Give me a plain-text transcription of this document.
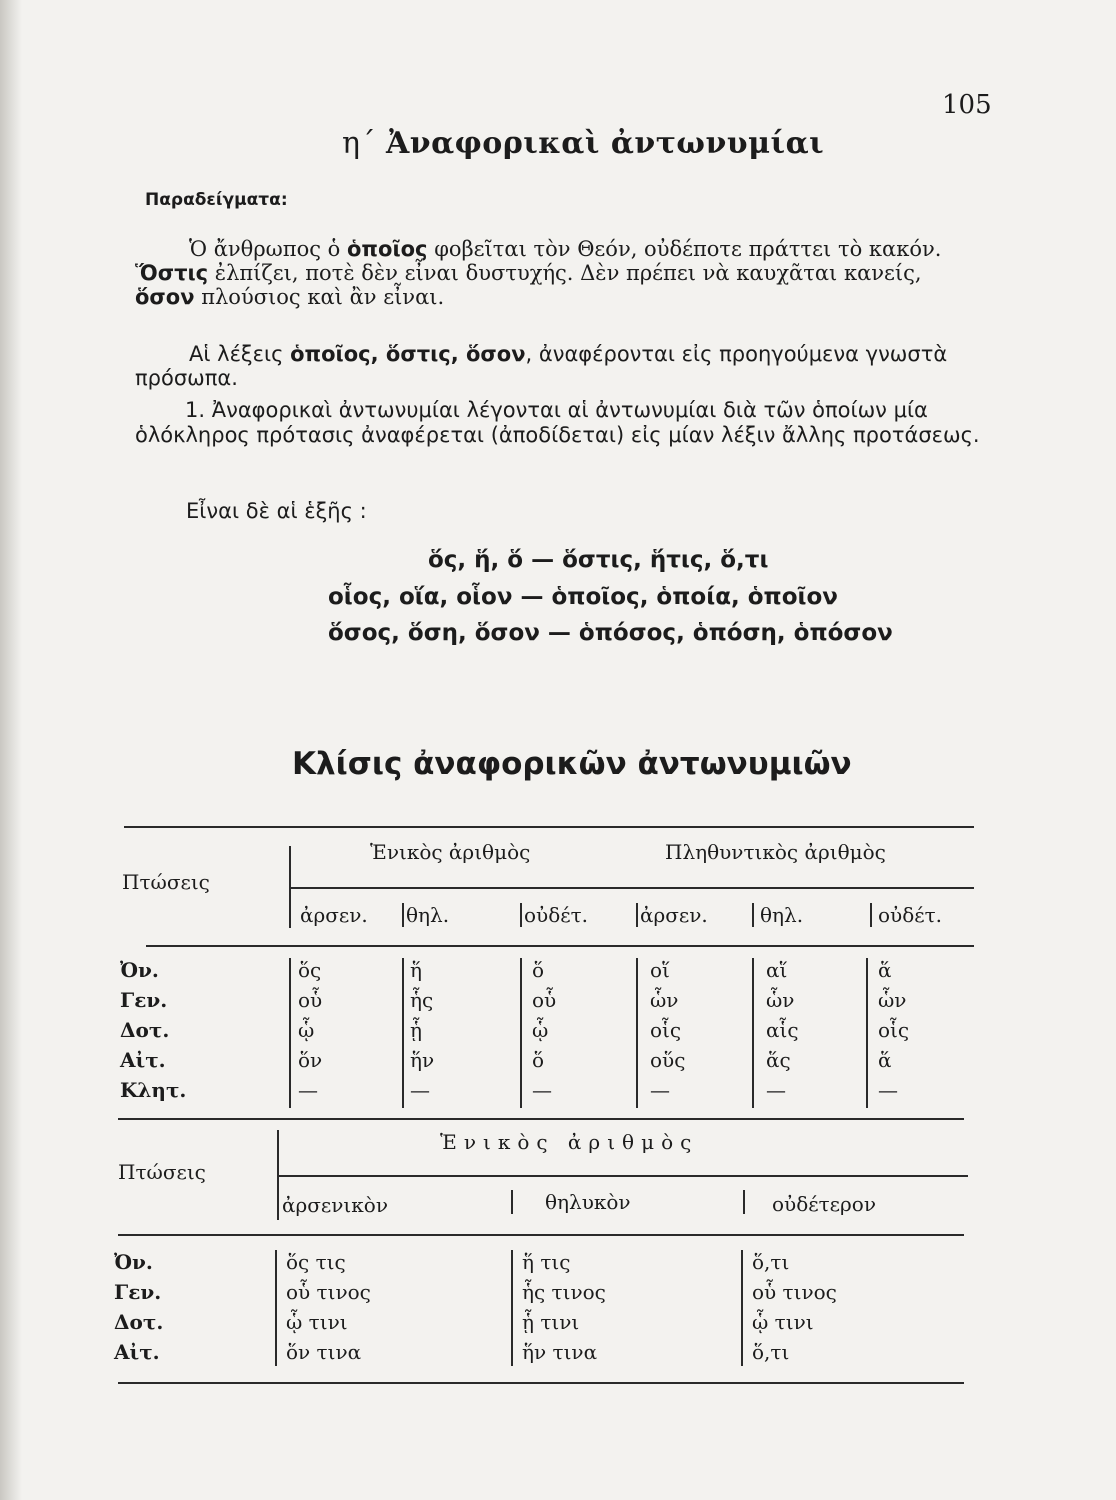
105
η΄ Ἀναφορικαὶ ἀντωνυμίαι
Παραδείγματα:
Ὁ ἄνθρωπος ὁ ὁποῖος φοβεῖται τὸν Θεόν, οὐδέποτε πράττει τὸ κακόν. Ὅστις ἐλπίζει, ποτὲ δὲν εἶναι δυστυχής. Δὲν πρέπει νὰ καυχᾶται κανείς, ὅσον πλούσιος καὶ ἂν εἶναι.
Αἱ λέξεις ὁποῖος, ὅστις, ὅσον, ἀναφέρονται εἰς προηγούμενα γνωστὰ πρόσωπα.
1. Ἀναφορικαὶ ἀντωνυμίαι λέγονται αἱ ἀντωνυμίαι διὰ τῶν ὁποίων μία ὁλόκληρος πρότασις ἀναφέρεται (ἀποδίδεται) εἰς μίαν λέξιν ἄλλης προτάσεως.
Εἶναι δὲ αἱ ἑξῆς :
ὅς, ἥ, ὅ — ὅστις, ἥτις, ὅ,τι
οἷος, οἵα, οἷον — ὁποῖος, ὁποία, ὁποῖον
ὅσος, ὅση, ὅσον — ὁπόσος, ὁπόση, ὁπόσον
Κλίσις ἀναφορικῶν ἀντωνυμιῶν
Πτώσεις
Ἑνικὸς ἀριθμὸς	Πληθυντικὸς ἀριθμὸς
ἀρσεν. θηλ.	οὐδέτ.	ἀρσεν.	θηλ.	οὐδέτ.
Ὀν.	ὅς	ἥ	ὅ	οἵ	αἵ	ἅ
Γεν.	οὗ	ἧς	οὗ	ὧν	ὧν	ὧν
Δοτ.	ᾧ	ᾗ	ᾧ	οἷς	αἷς	οἷς
Αἰτ.	ὅν	ἥν	ὅ	οὕς	ἅς	ἅ
Κλητ.	—	—	—	—	—	—
Ἑνικὸς ἀριθμὸς
Πτώσεις
ἀρσενικὸν	θηλυκὸν	οὐδέτερον
Ὀν.	ὅς τις	ἥ τις	ὅ,τι
Γεν.	οὗ τινος	ἧς τινος	οὗ τινος
Δοτ.	ᾧ τινι	ᾗ τινι	ᾧ τινι
Αἰτ.	ὅν τινα	ἥν τινα	ὅ,τι
